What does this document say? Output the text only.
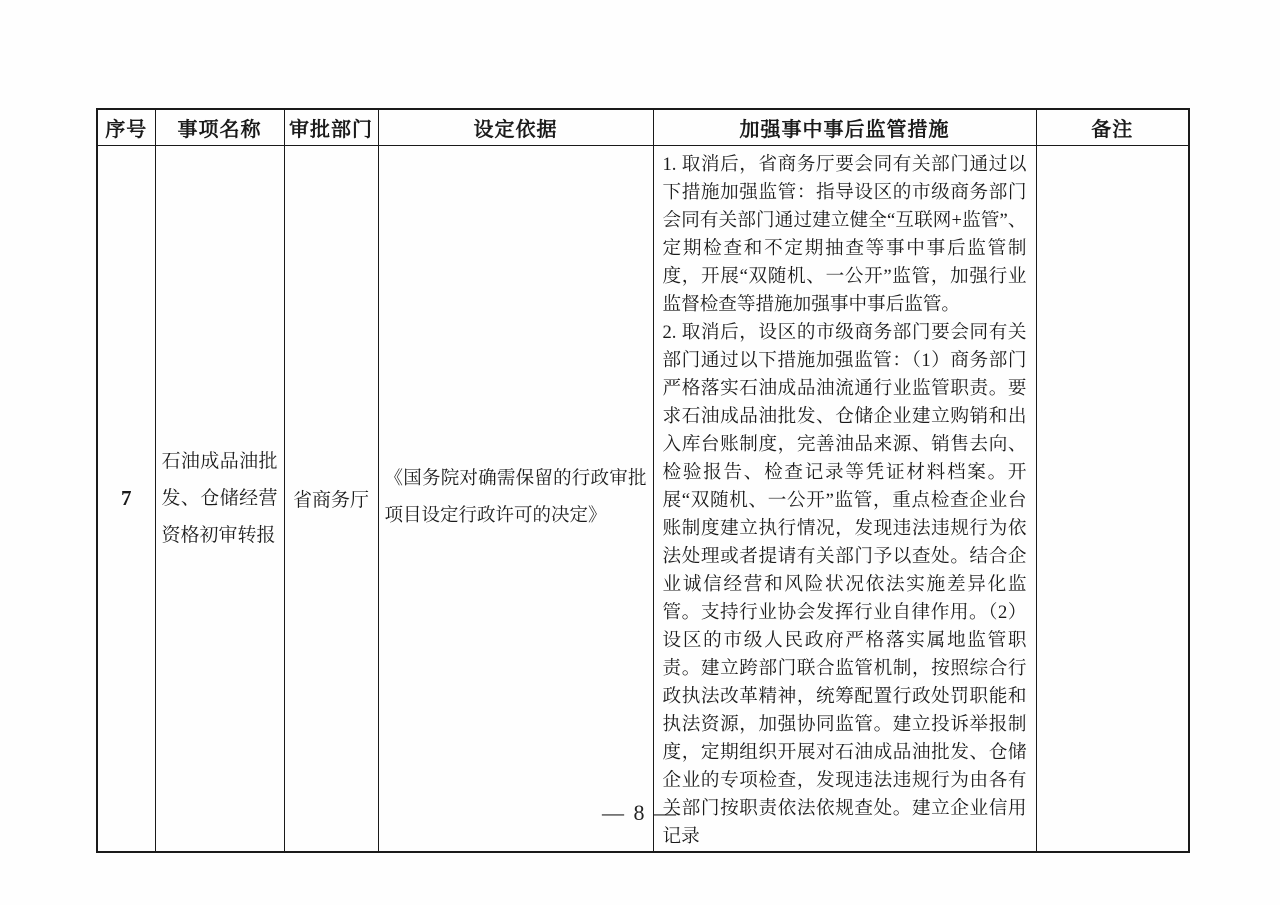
序号	事项名称	审批部门	设定依据	加强事中事后监管措施	备注
7	石油成品油批发、仓储经营资格初审转报	省商务厅	《国务院对确需保留的行政审批项目设定行政许可的决定》	1. 取消后，省商务厅要会同有关部门通过以下措施加强监管：指导设区的市级商务部门会同有关部门通过建立健全“互联网+监管”、定期检查和不定期抽查等事中事后监管制度，开展“双随机、一公开”监管，加强行业监督检查等措施加强事中事后监管。

2. 取消后，设区的市级商务部门要会同有关部门通过以下措施加强监管：（1）商务部门严格落实石油成品油流通行业监管职责。要求石油成品油批发、仓储企业建立购销和出入库台账制度，完善油品来源、销售去向、检验报告、检查记录等凭证材料档案。开展“双随机、一公开”监管，重点检查企业台账制度建立执行情况，发现违法违规行为依法处理或者提请有关部门予以查处。结合企业诚信经营和风险状况依法实施差异化监管。支持行业协会发挥行业自律作用。（2）设区的市级人民政府严格落实属地监管职责。建立跨部门联合监管机制，按照综合行政执法改革精神，统筹配置行政处罚职能和执法资源，加强协同监管。建立投诉举报制度，定期组织开展对石油成品油批发、仓储企业的专项检查，发现违法违规行为由各有关部门按职责依法依规查处。建立企业信用记录	

— 8 —
